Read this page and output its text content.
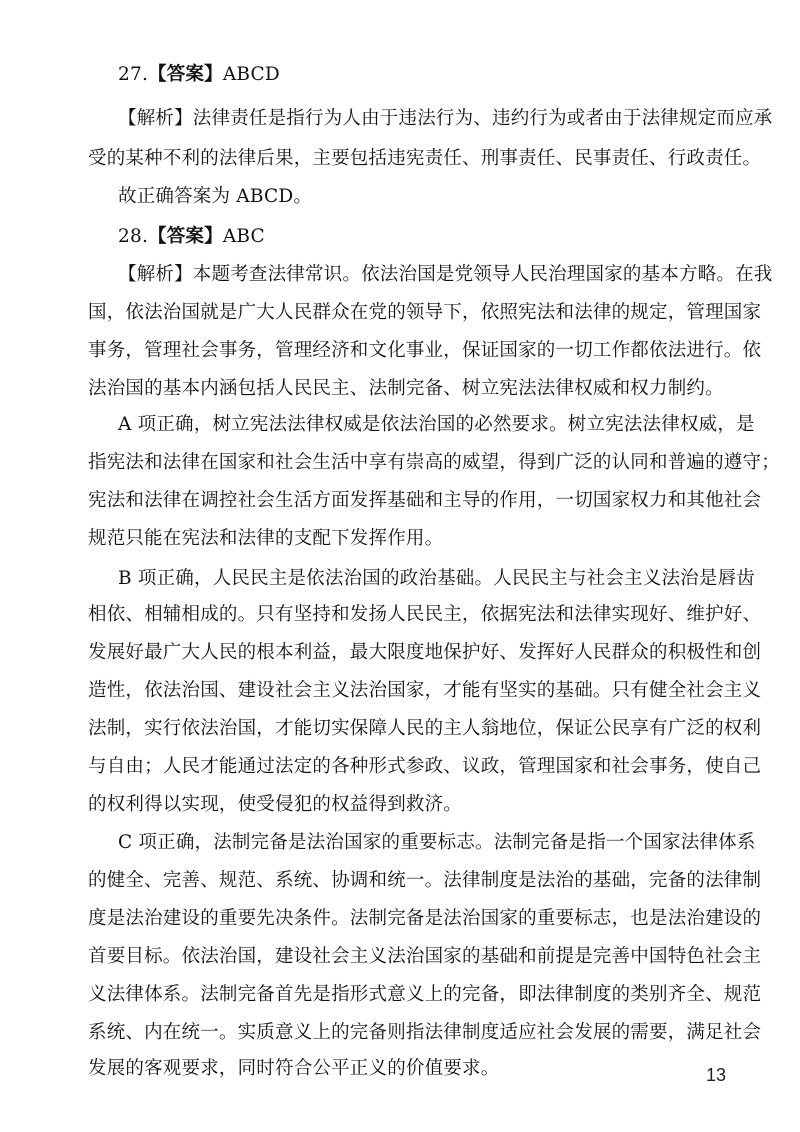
27.【答案】ABCD
【解析】法律责任是指行为人由于违法行为、违约行为或者由于法律规定而应承
受的某种不利的法律后果，主要包括违宪责任、刑事责任、民事责任、行政责任。
故正确答案为 ABCD。
28.【答案】ABC
【解析】本题考查法律常识。依法治国是党领导人民治理国家的基本方略。在我
国，依法治国就是广大人民群众在党的领导下，依照宪法和法律的规定，管理国家
事务，管理社会事务，管理经济和文化事业，保证国家的一切工作都依法进行。依
法治国的基本内涵包括人民民主、法制完备、树立宪法法律权威和权力制约。
A 项正确，树立宪法法律权威是依法治国的必然要求。树立宪法法律权威，是
指宪法和法律在国家和社会生活中享有崇高的威望，得到广泛的认同和普遍的遵守；
宪法和法律在调控社会生活方面发挥基础和主导的作用，一切国家权力和其他社会
规范只能在宪法和法律的支配下发挥作用。
B 项正确，人民民主是依法治国的政治基础。人民民主与社会主义法治是唇齿
相依、相辅相成的。只有坚持和发扬人民民主，依据宪法和法律实现好、维护好、
发展好最广大人民的根本利益，最大限度地保护好、发挥好人民群众的积极性和创
造性，依法治国、建设社会主义法治国家，才能有坚实的基础。只有健全社会主义
法制，实行依法治国，才能切实保障人民的主人翁地位，保证公民享有广泛的权利
与自由；人民才能通过法定的各种形式参政、议政，管理国家和社会事务，使自己
的权利得以实现，使受侵犯的权益得到救济。
C 项正确，法制完备是法治国家的重要标志。法制完备是指一个国家法律体系
的健全、完善、规范、系统、协调和统一。法律制度是法治的基础，完备的法律制
度是法治建设的重要先决条件。法制完备是法治国家的重要标志，也是法治建设的
首要目标。依法治国，建设社会主义法治国家的基础和前提是完善中国特色社会主
义法律体系。法制完备首先是指形式意义上的完备，即法律制度的类别齐全、规范
系统、内在统一。实质意义上的完备则指法律制度适应社会发展的需要，满足社会
发展的客观要求，同时符合公平正义的价值要求。	13
